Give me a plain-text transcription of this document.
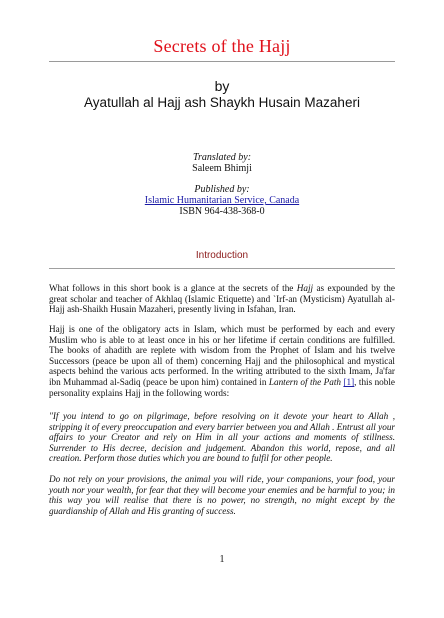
Secrets of the Hajj
by
Ayatullah al Hajj ash Shaykh Husain Mazaheri
Translated by:
Saleem Bhimji
Published by:
Islamic Humanitarian Service, Canada
ISBN 964-438-368-0
Introduction

What follows in this short book is a glance at the secrets of the Hajj as expounded by the great scholar and teacher of Akhlaq (Islamic Etiquette) and `Irf-an (Mysticism) Ayatullah al-Hajj ash-Shaikh Husain Mazaheri, presently living in Isfahan, Iran.

Hajj is one of the obligatory acts in Islam, which must be performed by each and every Muslim who is able to at least once in his or her lifetime if certain conditions are fulfilled. The books of ahadith are replete with wisdom from the Prophet of Islam and his twelve Successors (peace be upon all of them) concerning Hajj and the philosophical and mystical aspects behind the various acts performed. In the writing attributed to the sixth Imam, Ja'far ibn Muhammad al-Sadiq (peace be upon him) contained in Lantern of the Path [1], this noble personality explains Hajj in the following words:

"If you intend to go on pilgrimage, before resolving on it devote your heart to Allah , stripping it of every preoccupation and every barrier between you and Allah . Entrust all your affairs to your Creator and rely on Him in all your actions and moments of stillness. Surrender to His decree, decision and judgement. Abandon this world, repose, and all creation. Perform those duties which you are bound to fulfil for other people.

Do not rely on your provisions, the animal you will ride, your companions, your food, your youth nor your wealth, for fear that they will become your enemies and be harmful to you; in this way you will realise that there is no power, no strength, no might except by the guardianship of Allah and His granting of success.

1
